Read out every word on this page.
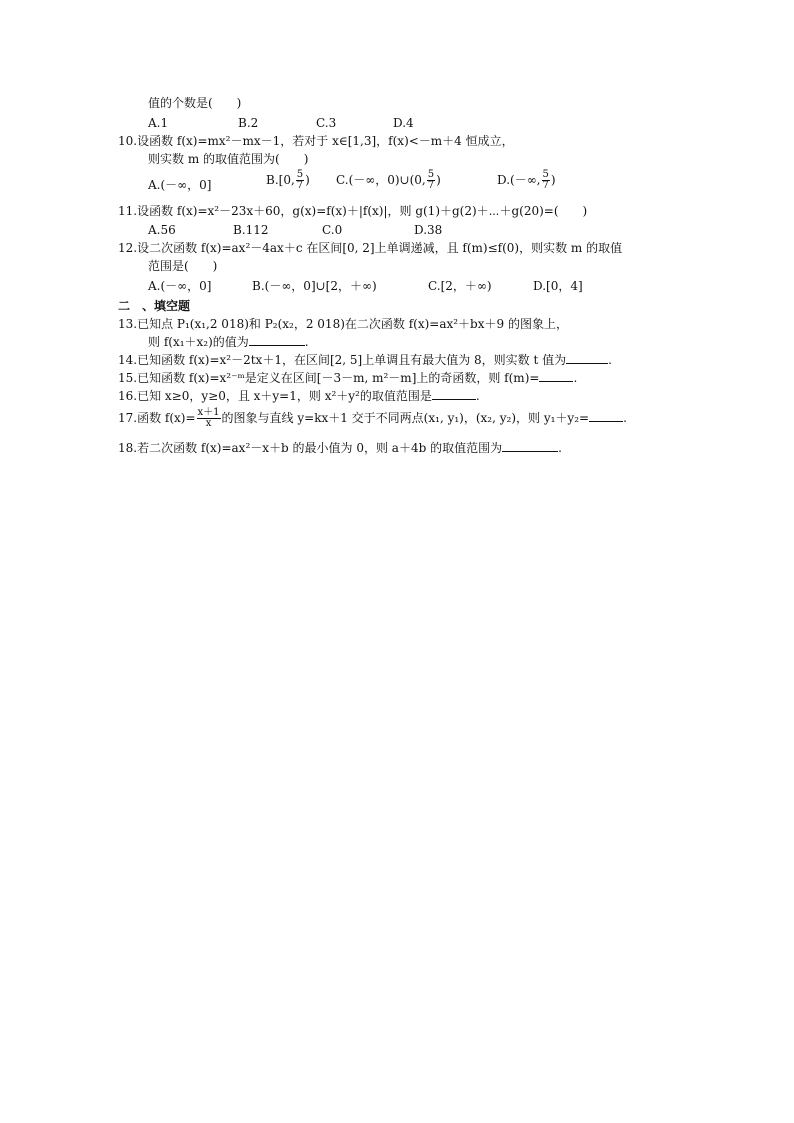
值的个数是(　　)
A.1	B.2	C.3	D.4
10.设函数 f(x)=mx²－mx－1，若对于 x∈[1,3]，f(x)<－m＋4 恒成立，
则实数 m 的取值范围为(　　)
A.(－∞，0]	B.[0, $\frac{5}{7}$ ) C.(－∞，0)∪(0, $\frac{5}{7}$ )	D.(－∞, $\frac{5}{7}$ )
11.设函数 f(x)=x²－23x＋60，g(x)=f(x)＋|f(x)|，则 g(1)＋g(2)＋⋯＋g(20)=(　　)
A.56	B.112	C.0	D.38
12.设二次函数 f(x)=ax²－4ax＋c 在区间[0, 2]上单调递减，且 f(m)≤f(0)，则实数 m 的取值
范围是(　　)
A.(－∞，0]	B.(－∞，0]∪[2，＋∞)	C.[2，＋∞)	D.[0，4]
二　、填空题
13.已知点 P₁(x₁,2 018)和 P₂(x₂，2 018)在二次函数 f(x)=ax²＋bx＋9 的图象上，
则 f(x₁＋x₂)的值为	.
14.已知函数 f(x)=x²－2tx＋1，在区间[2, 5]上单调且有最大值为 8，则实数 t 值为	.
15.已知函数 f(x)=x²⁻ᵐ是定义在区间[－3－m, m²－m]上的奇函数，则 f(m)=	.
16.已知 x≥0，y≥0，且 x＋y=1，则 x²＋y²的取值范围是	.
17.函数 $f(x)= \frac{x+1}{x}$ 的图象与直线 y=kx＋1 交于不同两点(x₁, y₁)，(x₂, y₂)，则 y₁＋y₂=	.
18.若二次函数 f(x)=ax²－x＋b 的最小值为 0，则 a＋4b 的取值范围为	.
